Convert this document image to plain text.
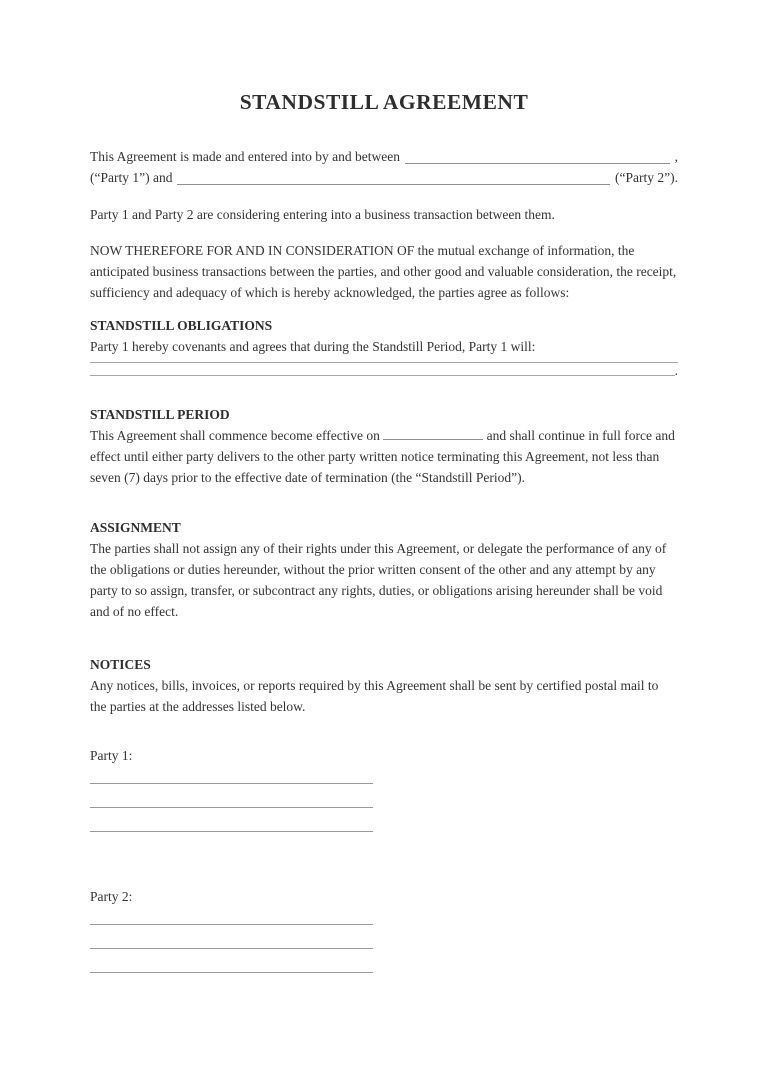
STANDSTILL AGREEMENT
This Agreement is made and entered into by and between	,
(“Party 1”) and	(“Party 2”).

Party 1 and Party 2 are considering entering into a business transaction between them.

NOW THEREFORE FOR AND IN CONSIDERATION OF the mutual exchange of information, the anticipated business transactions between the parties, and other good and valuable consideration, the receipt, sufficiency and adequacy of which is hereby acknowledged, the parties agree as follows:

STANDSTILL OBLIGATIONS
Party 1 hereby covenants and agrees that during the Standstill Period, Party 1 will:
.
STANDSTILL PERIOD
This Agreement shall commence become effective on	and shall continue in full force and effect until either party delivers to the other party written notice terminating this Agreement, not less than seven (7) days prior to the effective date of termination (the “Standstill Period”).
ASSIGNMENT
The parties shall not assign any of their rights under this Agreement, or delegate the performance of any of the obligations or duties hereunder, without the prior written consent of the other and any attempt by any party to so assign, transfer, or subcontract any rights, duties, or obligations arising hereunder shall be void and of no effect.
NOTICES
Any notices, bills, invoices, or reports required by this Agreement shall be sent by certified postal mail to the parties at the addresses listed below.
Party 1:
Party 2:
